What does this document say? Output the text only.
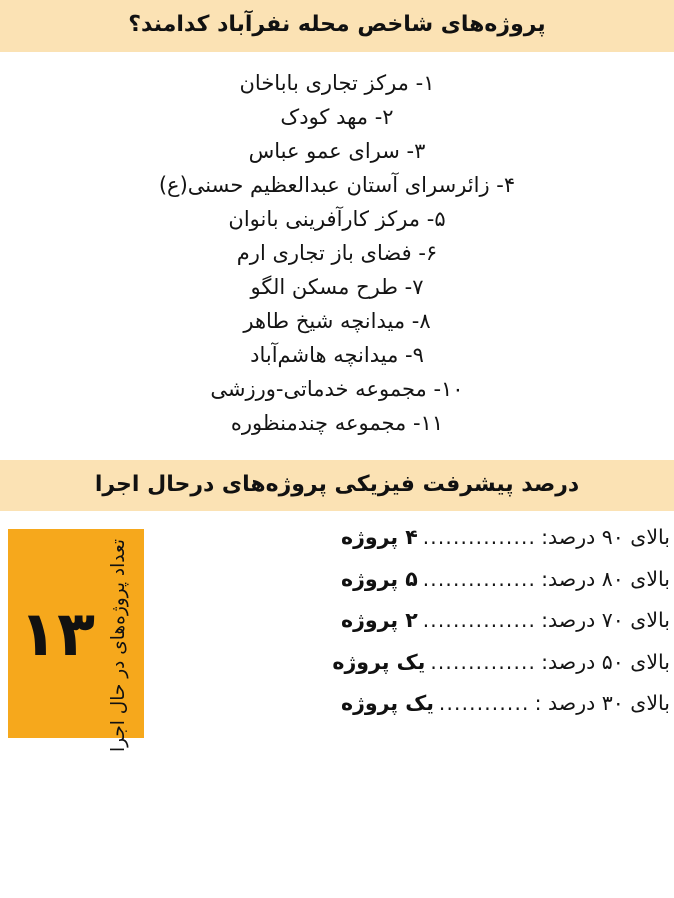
پروژه‌های شاخص محله نفرآباد کدامند؟
۱- مرکز تجاری باباخان
۲- مهد کودک
۳- سرای عمو عباس
۴- زائرسرای آستان عبدالعظیم حسنی(ع)
۵- مرکز کارآفرینی بانوان
۶- فضای باز تجاری ارم
۷- طرح مسکن الگو
۸- میدانچه شیخ طاهر
۹- میدانچه هاشم‌آباد
۱۰- مجموعه خدماتی-ورزشی
۱۱- مجموعه چندمنظوره
درصد پیشرفت فیزیکی پروژه‌های درحال اجرا
بالای ۹۰ درصد:
...............
۴ پروژه
بالای ۸۰ درصد:
...............
۵ پروژه
بالای ۷۰ درصد:
...............
۲ پروژه
بالای ۵۰ درصد:
..............
یک پروژه
بالای ۳۰ درصد :
............
یک پروژه
تعداد پروژه‌های در حال اجرا
۱۳
